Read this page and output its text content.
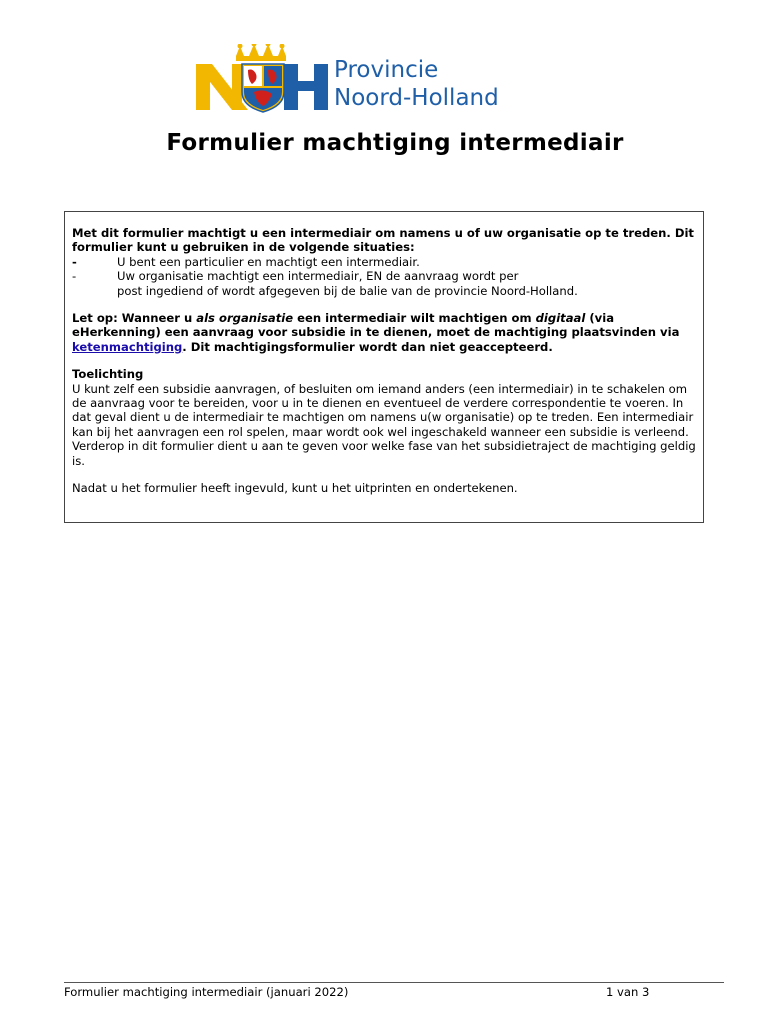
Provincie
Noord-Holland
Formulier machtiging intermediair
Met dit formulier machtigt u een intermediair om namens u of uw organisatie op te treden. Dit formulier kunt u gebruiken in de volgende situaties:
-	U bent een particulier en machtigt een intermediair.
-	Uw organisatie machtigt een intermediair, EN de aanvraag wordt per
post ingediend of wordt afgegeven bij de balie van de provincie Noord-Holland.
Let op: Wanneer u als organisatie een intermediair wilt machtigen om digitaal (via eHerkenning) een aanvraag voor subsidie in te dienen, moet de machtiging plaatsvinden via ketenmachtiging. Dit machtigingsformulier wordt dan niet geaccepteerd.
Toelichting
U kunt zelf een subsidie aanvragen, of besluiten om iemand anders (een intermediair) in te schakelen om de aanvraag voor te bereiden, voor u in te dienen en eventueel de verdere correspondentie te voeren. In dat geval dient u de intermediair te machtigen om namens u(w organisatie) op te treden. Een intermediair kan bij het aanvragen een rol spelen, maar wordt ook wel ingeschakeld wanneer een subsidie is verleend. Verderop in dit formulier dient u aan te geven voor welke fase van het subsidietraject de machtiging geldig is.
Nadat u het formulier heeft ingevuld, kunt u het uitprinten en ondertekenen.
Formulier machtiging intermediair (januari 2022)	1 van 3
